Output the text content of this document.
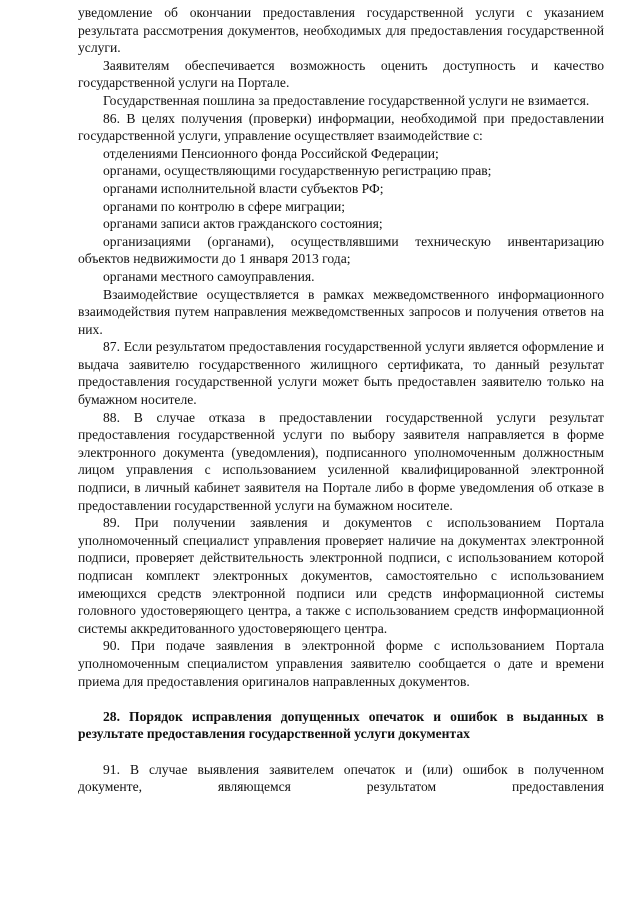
уведомление об окончании предоставления государственной услуги с указанием результата рассмотрения документов, необходимых для предоставления государственной услуги.

Заявителям обеспечивается возможность оценить доступность и качество государственной услуги на Портале.

Государственная пошлина за предоставление государственной услуги не взимается.

86. В целях получения (проверки) информации, необходимой при предоставлении государственной услуги, управление осуществляет взаимодействие с:

отделениями Пенсионного фонда Российской Федерации;

органами, осуществляющими государственную регистрацию прав;

органами исполнительной власти субъектов РФ;

органами по контролю в сфере миграции;

органами записи актов гражданского состояния;

организациями (органами), осуществлявшими техническую инвентаризацию объектов недвижимости до 1 января 2013 года;

органами местного самоуправления.

Взаимодействие осуществляется в рамках межведомственного информационного взаимодействия путем направления межведомственных запросов и получения ответов на них.

87. Если результатом предоставления государственной услуги является оформление и выдача заявителю государственного жилищного сертификата, то данный результат предоставления государственной услуги может быть предоставлен заявителю только на бумажном носителе.

88. В случае отказа в предоставлении государственной услуги результат предоставления государственной услуги по выбору заявителя направляется в форме электронного документа (уведомления), подписанного уполномоченным должностным лицом управления с использованием усиленной квалифицированной электронной подписи, в личный кабинет заявителя на Портале либо в форме уведомления об отказе в предоставлении государственной услуги на бумажном носителе.

89. При получении заявления и документов с использованием Портала уполномоченный специалист управления проверяет наличие на документах электронной подписи, проверяет действительность электронной подписи, с использованием которой подписан комплект электронных документов, самостоятельно с использованием имеющихся средств электронной подписи или средств информационной системы головного удостоверяющего центра, а также с использованием средств информационной системы аккредитованного удостоверяющего центра.

90. При подаче заявления в электронной форме с использованием Портала уполномоченным специалистом управления заявителю сообщается о дате и времени приема для предоставления оригиналов направленных документов.

28. Порядок исправления допущенных опечаток и ошибок в выданных в результате предоставления государственной услуги документах

91. В случае выявления заявителем опечаток и (или) ошибок в полученном документе, являющемся результатом предоставления
